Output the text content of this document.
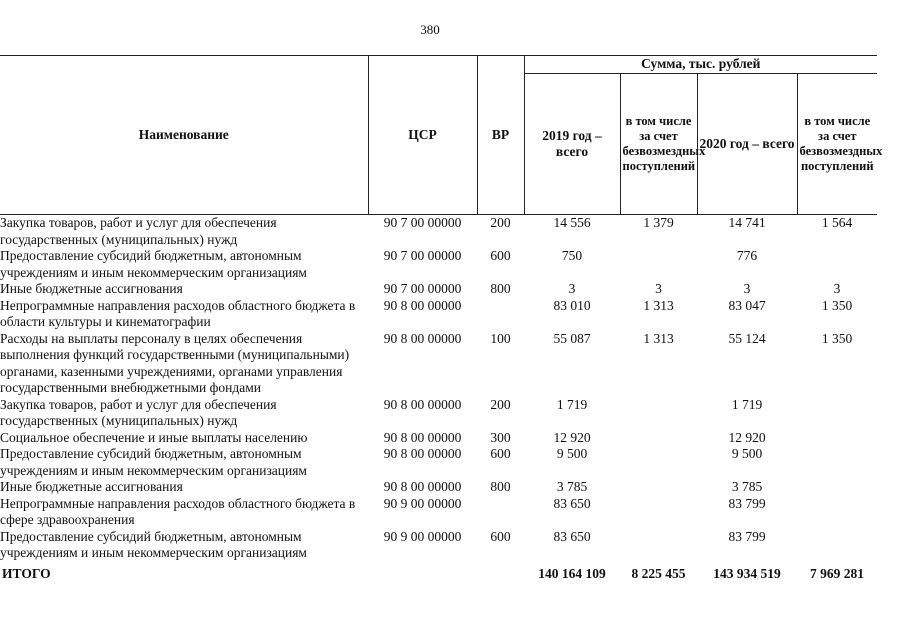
380
Наименование	ЦСР	ВР	Сумма, тыс. рублей			
			2019 год – всего	в том числе за счет безвозмездных поступлений	2020 год – всего	в том числе за счет безвозмездных поступлений
Закупка товаров, работ и услуг для обеспечения государственных (муниципальных) нужд	90 7 00 00000	200	14 556	1 379	14 741	1 564
Предоставление субсидий бюджетным, автономным учреждениям и иным некоммерческим организациям	90 7 00 00000	600	750		776	
Иные бюджетные ассигнования	90 7 00 00000	800	3	3	3	3
Непрограммные направления расходов областного бюджета в области культуры и кинематографии	90 8 00 00000		83 010	1 313	83 047	1 350
Расходы на выплаты персоналу в целях обеспечения выполнения функций государственными (муниципальными) органами, казенными учреждениями, органами управления государственными внебюджетными фондами	90 8 00 00000	100	55 087	1 313	55 124	1 350
Закупка товаров, работ и услуг для обеспечения государственных (муниципальных) нужд	90 8 00 00000	200	1 719		1 719	
Социальное обеспечение и иные выплаты населению	90 8 00 00000	300	12 920		12 920	
Предоставление субсидий бюджетным, автономным учреждениям и иным некоммерческим организациям	90 8 00 00000	600	9 500		9 500	
Иные бюджетные ассигнования	90 8 00 00000	800	3 785		3 785	
Непрограммные направления расходов областного бюджета в сфере здравоохранения	90 9 00 00000		83 650		83 799	
Предоставление субсидий бюджетным, автономным учреждениям и иным некоммерческим организациям	90 9 00 00000	600	83 650		83 799	
ИТОГО			140 164 109	8 225 455	143 934 519	7 969 281
